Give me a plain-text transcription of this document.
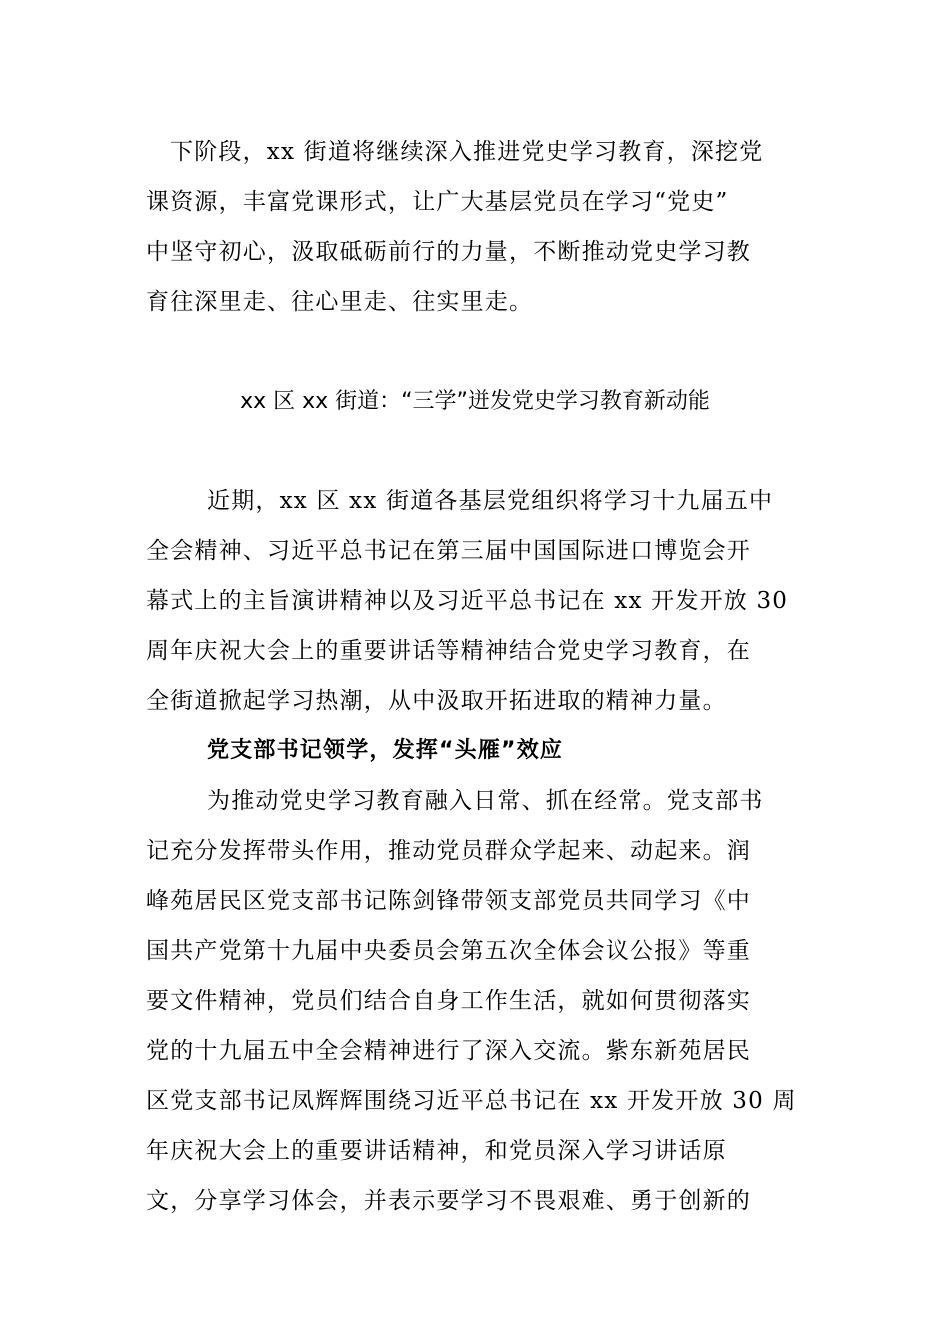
下阶段，xx 街道将继续深入推进党史学习教育，深挖党
课资源，丰富党课形式，让广大基层党员在学习“党史”
中坚守初心，汲取砥砺前行的力量，不断推动党史学习教
育往深里走、往心里走、往实里走。
xx 区 xx 街道：“三学”迸发党史学习教育新动能
近期，xx 区 xx 街道各基层党组织将学习十九届五中
全会精神、习近平总书记在第三届中国国际进口博览会开
幕式上的主旨演讲精神以及习近平总书记在 xx 开发开放 30
周年庆祝大会上的重要讲话等精神结合党史学习教育，在
全街道掀起学习热潮，从中汲取开拓进取的精神力量。
党支部书记领学，发挥“头雁”效应
为推动党史学习教育融入日常、抓在经常。党支部书
记充分发挥带头作用，推动党员群众学起来、动起来。润
峰苑居民区党支部书记陈剑锋带领支部党员共同学习《中
国共产党第十九届中央委员会第五次全体会议公报》等重
要文件精神，党员们结合自身工作生活，就如何贯彻落实
党的十九届五中全会精神进行了深入交流。紫东新苑居民
区党支部书记凤辉辉围绕习近平总书记在 xx 开发开放 30 周
年庆祝大会上的重要讲话精神，和党员深入学习讲话原
文，分享学习体会，并表示要学习不畏艰难、勇于创新的
